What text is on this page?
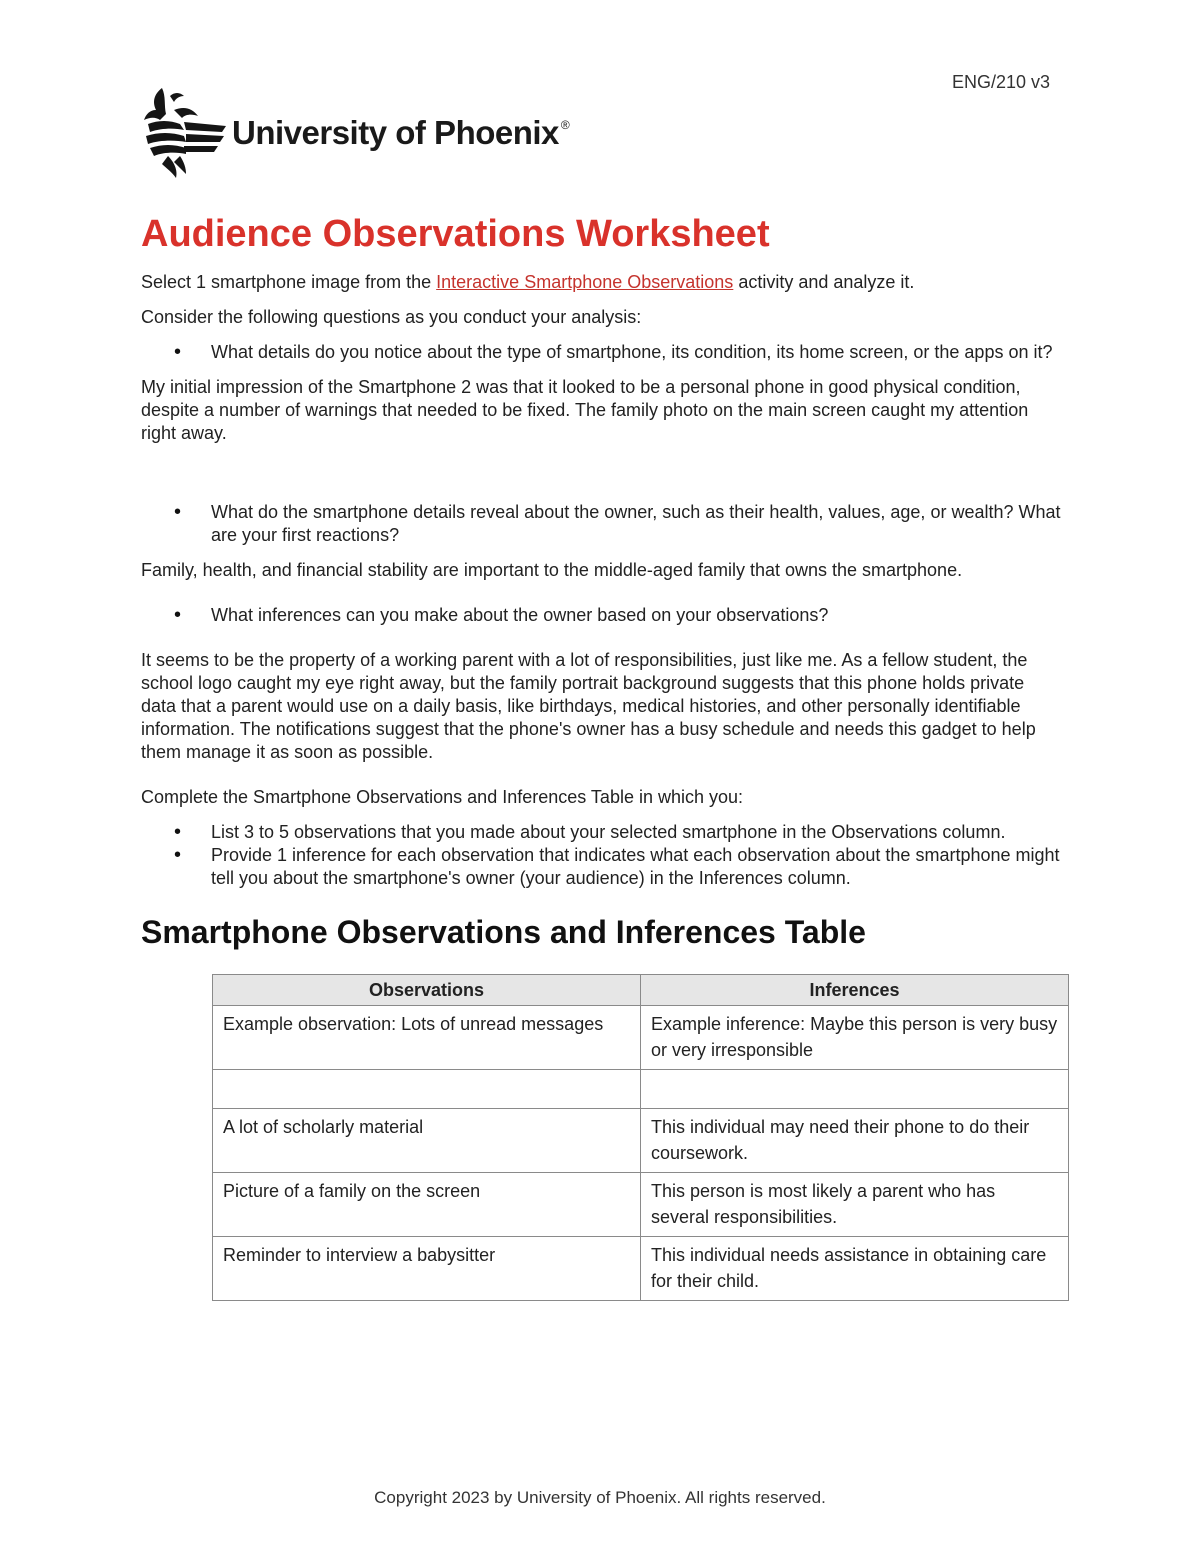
ENG/210 v3
University of Phoenix ®
Audience Observations Worksheet

Select 1 smartphone image from the Interactive Smartphone Observations activity and analyze it.

Consider the following questions as you conduct your analysis:

• What details do you notice about the type of smartphone, its condition, its home screen, or the apps on it?

My initial impression of the Smartphone 2 was that it looked to be a personal phone in good physical condition, despite a number of warnings that needed to be fixed. The family photo on the main screen caught my attention right away.

• What do the smartphone details reveal about the owner, such as their health, values, age, or wealth? What are your first reactions?

Family, health, and financial stability are important to the middle-aged family that owns the smartphone.

• What inferences can you make about the owner based on your observations?

It seems to be the property of a working parent with a lot of responsibilities, just like me. As a fellow student, the school logo caught my eye right away, but the family portrait background suggests that this phone holds private data that a parent would use on a daily basis, like birthdays, medical histories, and other personally identifiable information. The notifications suggest that the phone's owner has a busy schedule and needs this gadget to help them manage it as soon as possible.

Complete the Smartphone Observations and Inferences Table in which you:

• List 3 to 5 observations that you made about your selected smartphone in the Observations column.
• Provide 1 inference for each observation that indicates what each observation about the smartphone might tell you about the smartphone's owner (your audience) in the Inferences column.
Smartphone Observations and Inferences Table
Observations	Inferences
Example observation: Lots of unread messages	Example inference: Maybe this person is very busy or very irresponsible

A lot of scholarly material	This individual may need their phone to do their coursework.
Picture of a family on the screen	This person is most likely a parent who has several responsibilities.
Reminder to interview a babysitter	This individual needs assistance in obtaining care for their child.
Copyright 2023 by University of Phoenix. All rights reserved.
